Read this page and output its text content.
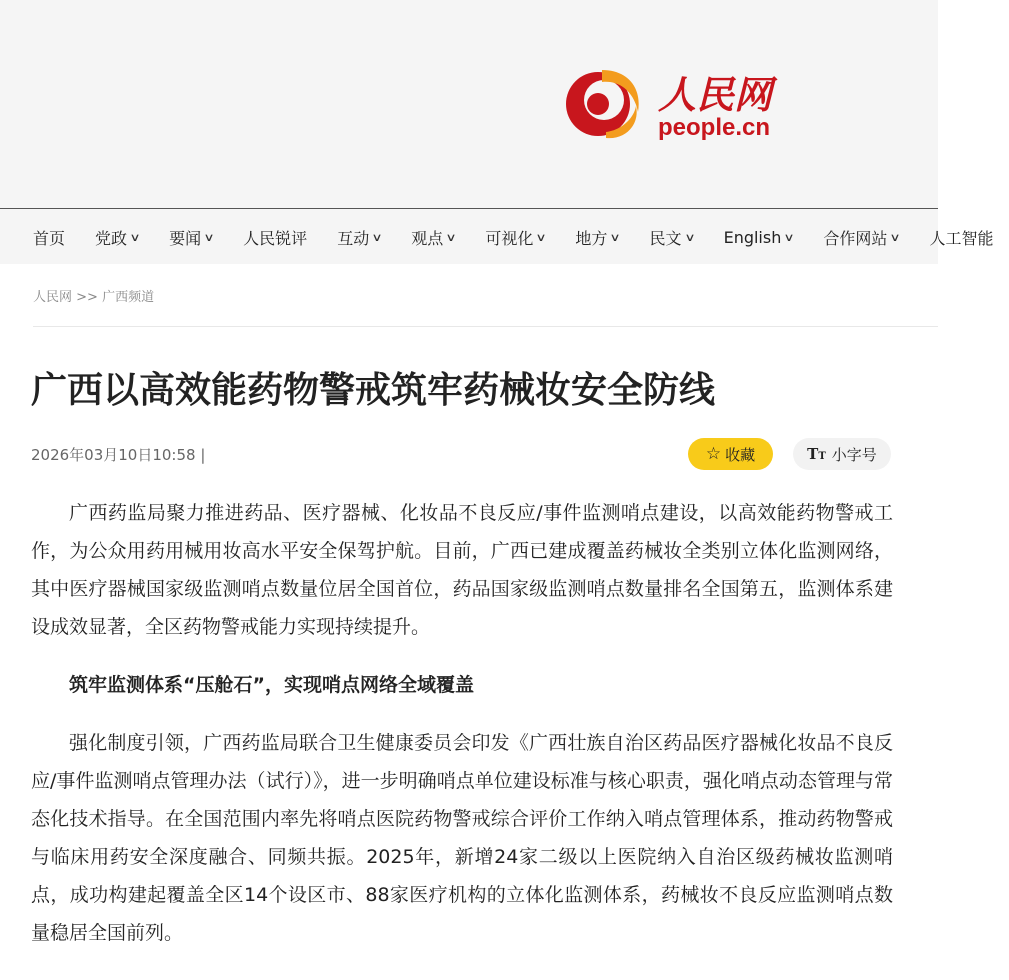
人民网
people.cn
首页 党政 ∨ 要闻 ∨ 人民锐评 互动 ∨ 观点 ∨ 可视化 ∨ 地方 ∨ 民文 ∨ English ∨ 合作网站 ∨ 人工智能
人民网 >> 广西频道
广西以高效能药物警戒筑牢药械妆安全防线
2026年03月10日10:58 |	☆ 收藏	TT 小字号

广西药监局聚力推进药品、医疗器械、化妆品不良反应/事件监测哨点建设，以高效能药物警戒工作，为公众用药用械用妆高水平安全保驾护航。目前，广西已建成覆盖药械妆全类别立体化监测网络，其中医疗器械国家级监测哨点数量位居全国首位，药品国家级监测哨点数量排名全国第五，监测体系建设成效显著，全区药物警戒能力实现持续提升。

筑牢监测体系“压舱石”，实现哨点网络全域覆盖

强化制度引领，广西药监局联合卫生健康委员会印发《广西壮族自治区药品医疗器械化妆品不良反应/事件监测哨点管理办法（试行）》，进一步明确哨点单位建设标准与核心职责，强化哨点动态管理与常态化技术指导。在全国范围内率先将哨点医院药物警戒综合评价工作纳入哨点管理体系，推动药物警戒与临床用药安全深度融合、同频共振。2025年，新增24家二级以上医院纳入自治区级药械妆监测哨点，成功构建起覆盖全区14个设区市、88家医疗机构的立体化监测体系，药械妆不良反应监测哨点数量稳居全国前列。
